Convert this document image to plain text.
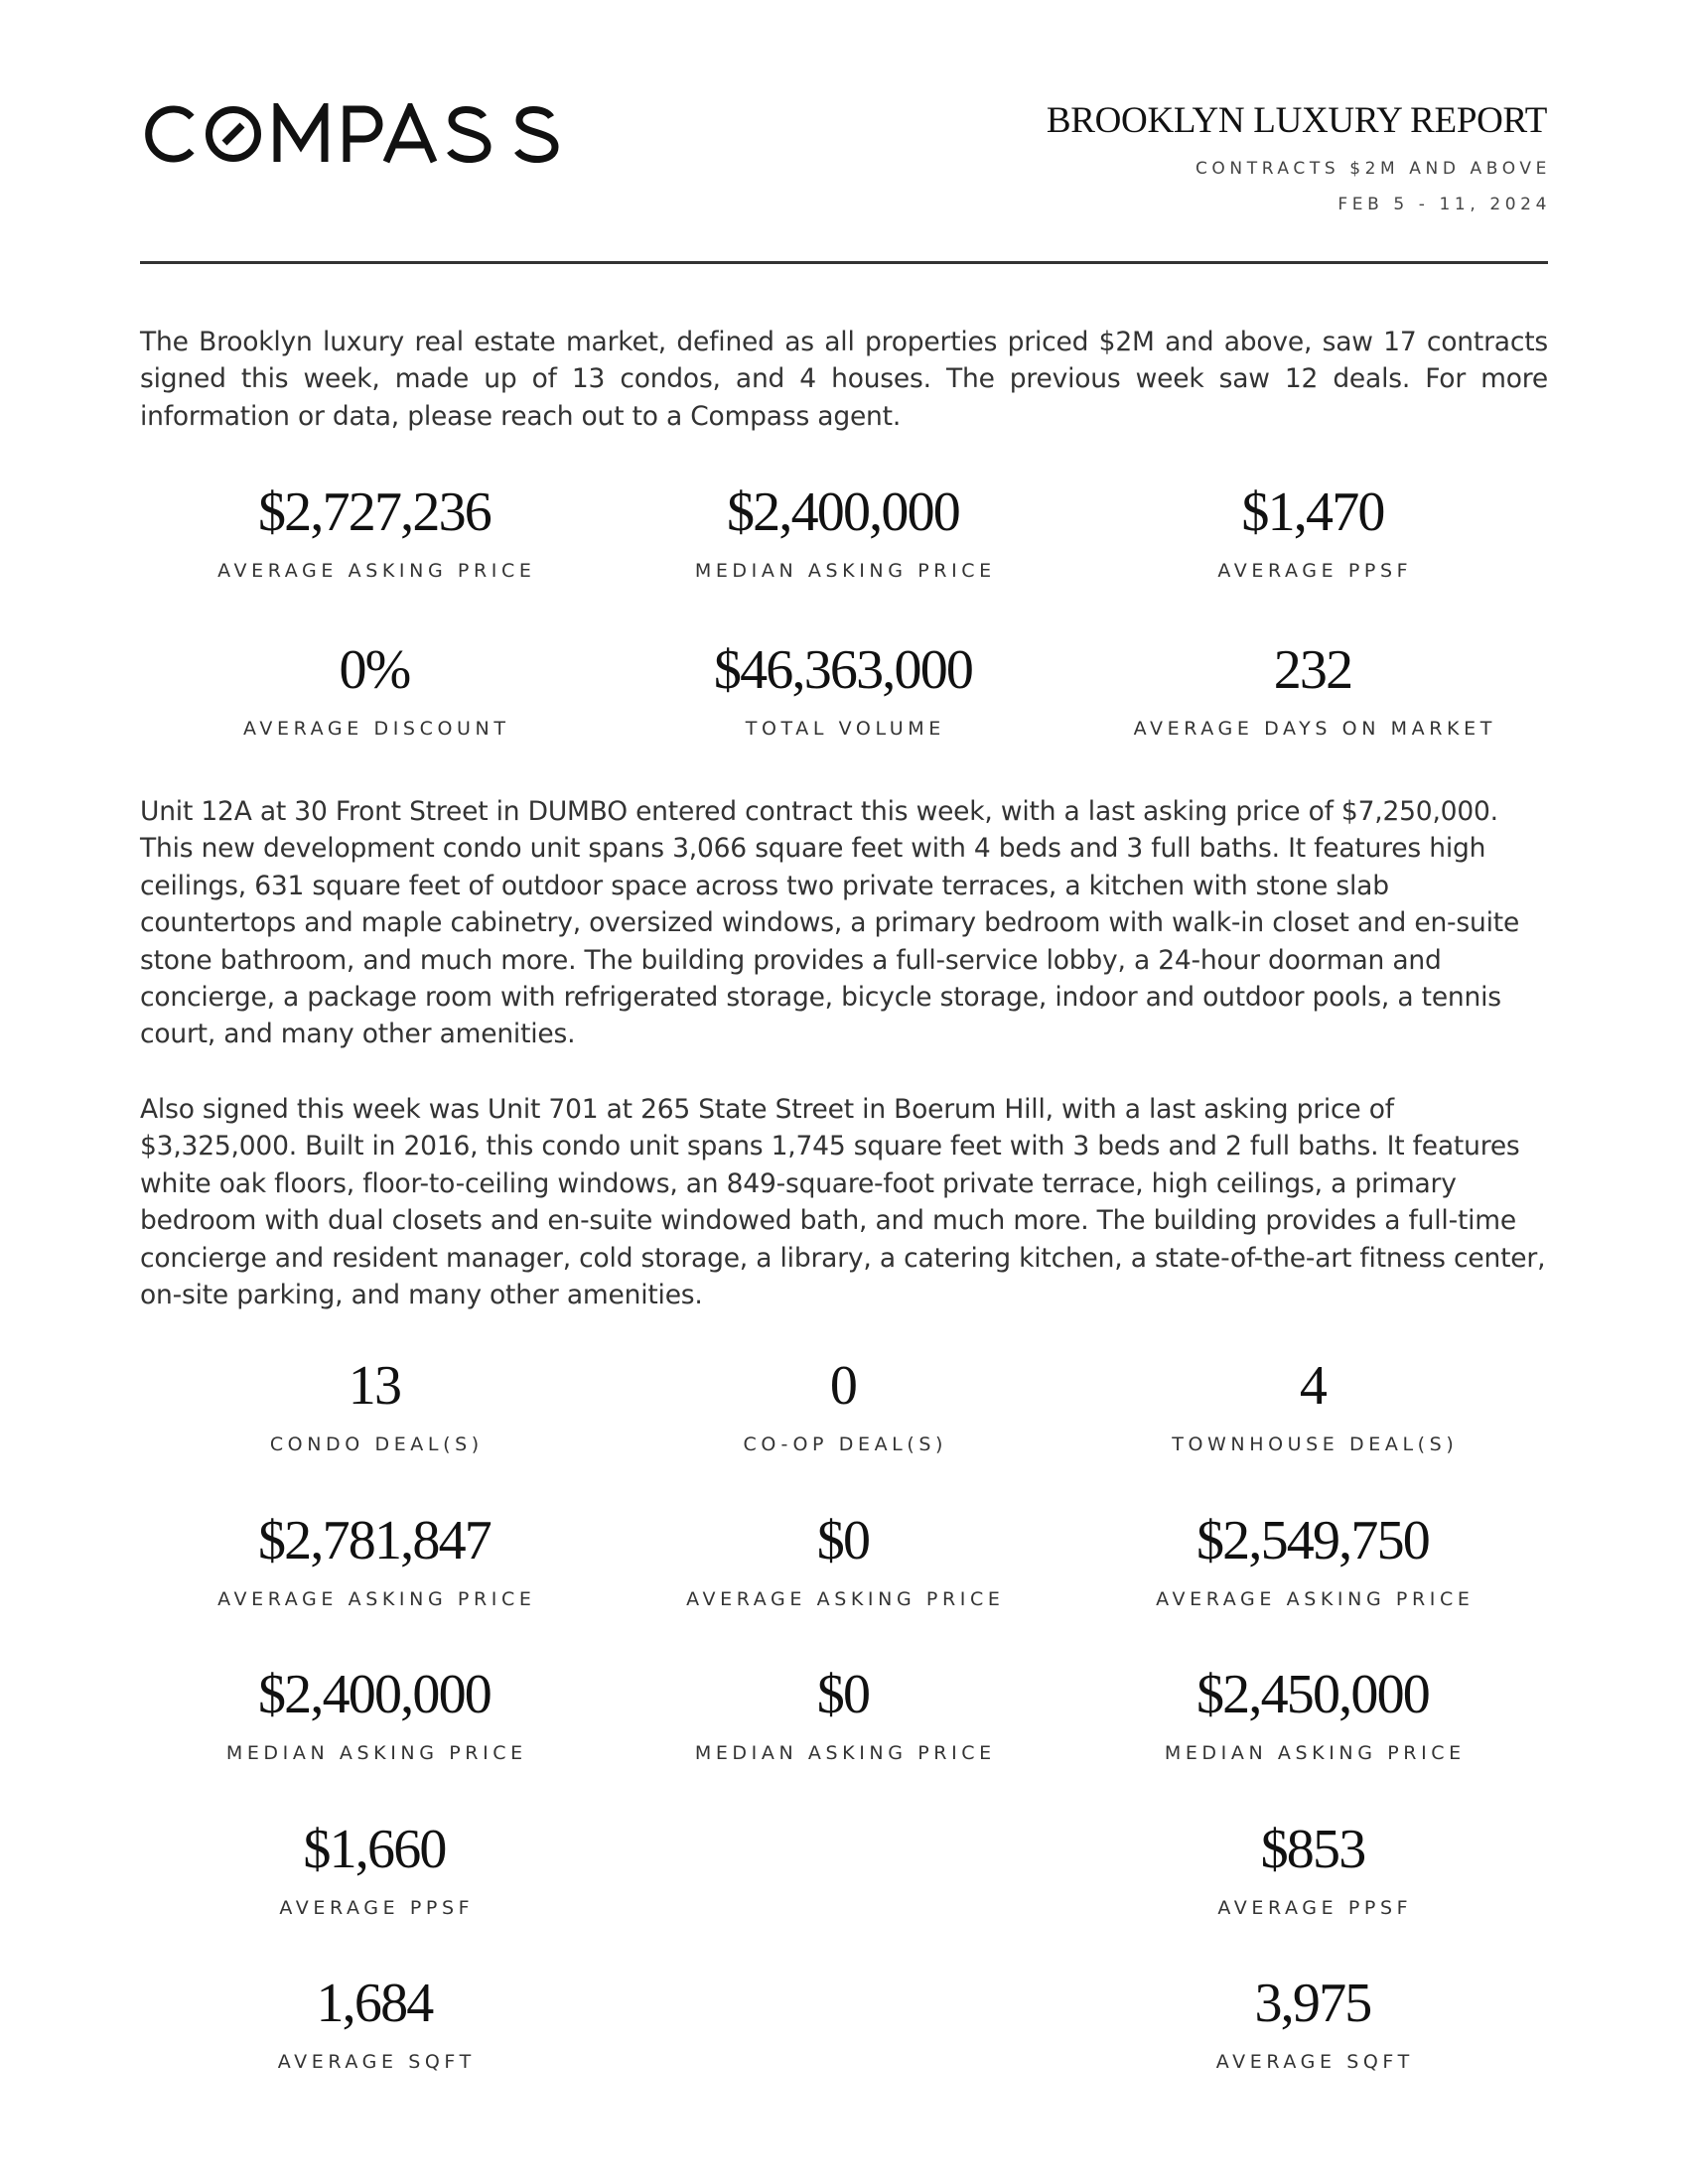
BROOKLYN LUXURY REPORT
CONTRACTS $2M AND ABOVE
FEB 5 - 11, 2024

The Brooklyn luxury real estate market, defined as all properties priced $2M and above, saw 17 contracts signed this week, made up of 13 condos, and 4 houses. The previous week saw 12 deals. For more information or data, please reach out to a Compass agent.

$2,727,236
AVERAGE ASKING PRICE
$2,400,000
MEDIAN ASKING PRICE
$1,470
AVERAGE PPSF
0%
AVERAGE DISCOUNT
$46,363,000
TOTAL VOLUME
232
AVERAGE DAYS ON MARKET

Unit 12A at 30 Front Street in DUMBO entered contract this week, with a last asking price of $7,250,000. This new development condo unit spans 3,066 square feet with 4 beds and 3 full baths. It features high ceilings, 631 square feet of outdoor space across two private terraces, a kitchen with stone slab countertops and maple cabinetry, oversized windows, a primary bedroom with walk-in closet and en-suite stone bathroom, and much more. The building provides a full-service lobby, a 24-hour doorman and concierge, a package room with refrigerated storage, bicycle storage, indoor and outdoor pools, a tennis court, and many other amenities.

Also signed this week was Unit 701 at 265 State Street in Boerum Hill, with a last asking price of $3,325,000. Built in 2016, this condo unit spans 1,745 square feet with 3 beds and 2 full baths. It features white oak floors, floor-to-ceiling windows, an 849-square-foot private terrace, high ceilings, a primary bedroom with dual closets and en-suite windowed bath, and much more. The building provides a full-time concierge and resident manager, cold storage, a library, a catering kitchen, a state-of-the-art fitness center, on-site parking, and many other amenities.

13
CONDO DEAL(S)
0
CO-OP DEAL(S)
4
TOWNHOUSE DEAL(S)
$2,781,847
AVERAGE ASKING PRICE
$0
AVERAGE ASKING PRICE
$2,549,750
AVERAGE ASKING PRICE
$2,400,000
MEDIAN ASKING PRICE
$0
MEDIAN ASKING PRICE
$2,450,000
MEDIAN ASKING PRICE
$1,660
AVERAGE PPSF
$853
AVERAGE PPSF
1,684
AVERAGE SQFT
3,975
AVERAGE SQFT
